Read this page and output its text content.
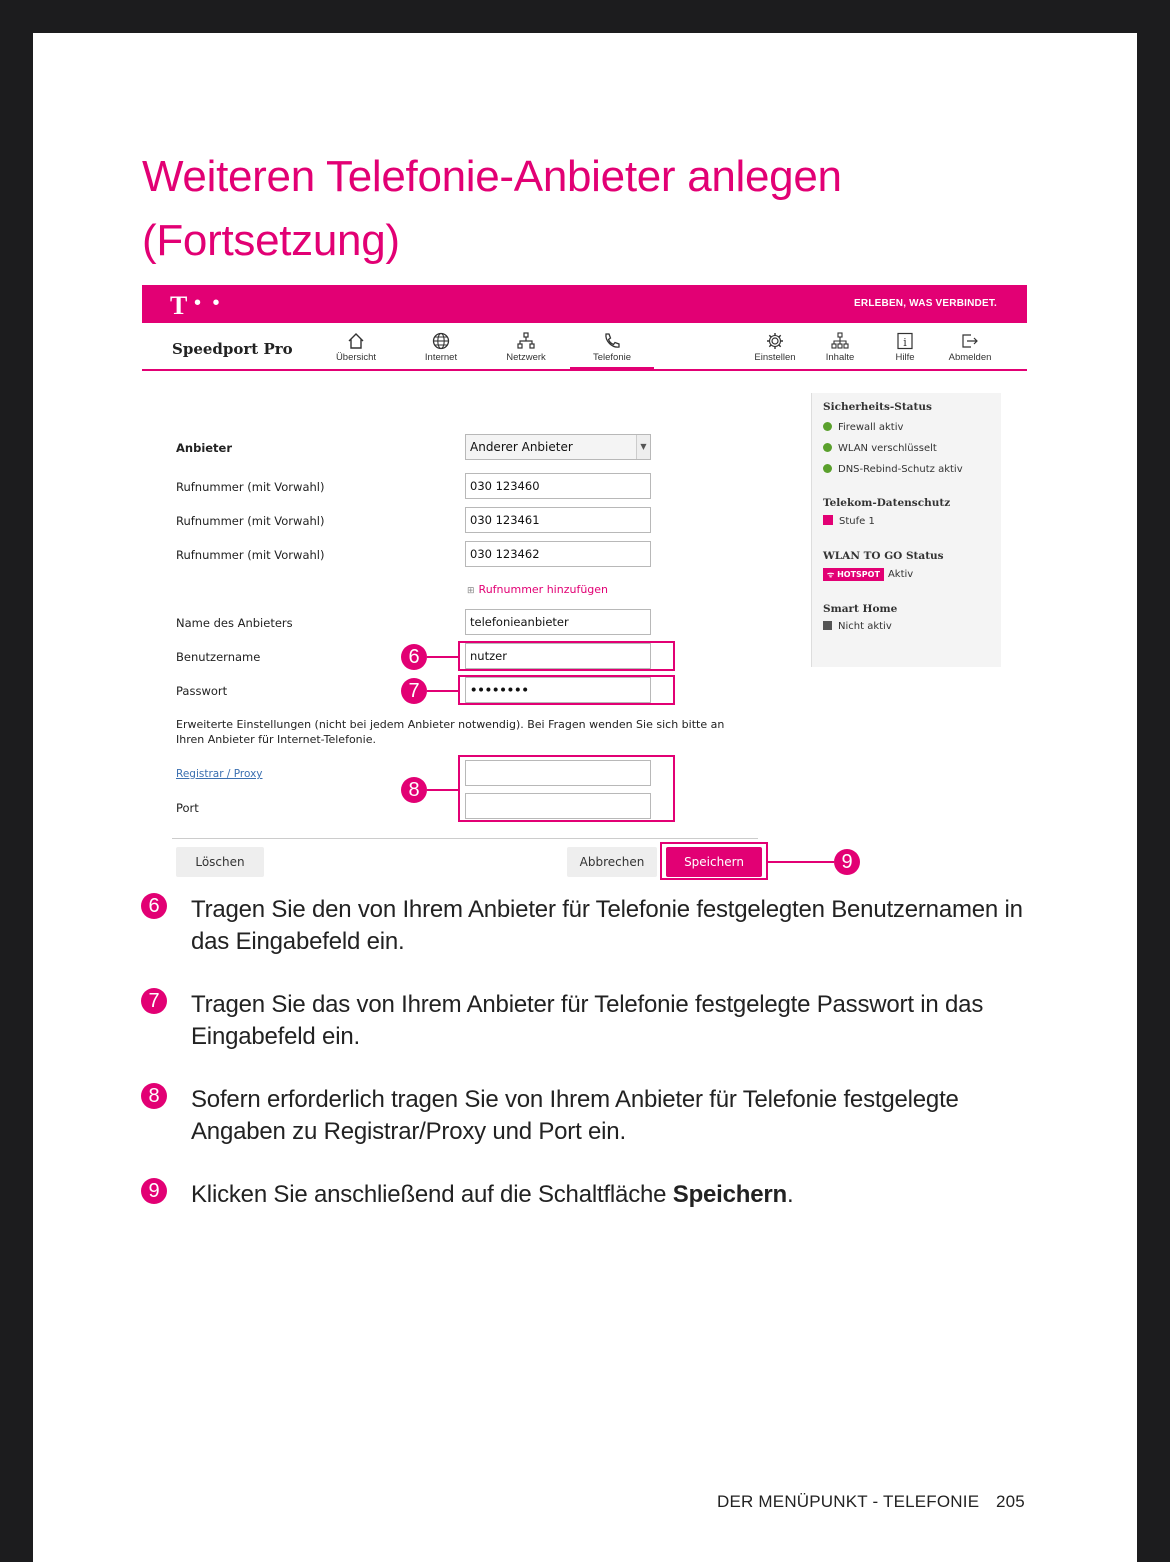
Weiteren Telefonie-Anbieter anlegen
(Fortsetzung)
T • •	ERLEBEN, WAS VERBINDET.
Speedport Pro	Übersicht	Internet	Netzwerk	Telefonie	Einstellen	Inhalte
i
Hilfe	Abmelden
Anbieter	Anderer Anbieter	▼
Rufnummer (mit Vorwahl)	030 123460
Rufnummer (mit Vorwahl)	030 123461
Rufnummer (mit Vorwahl)	030 123462
⊞ Rufnummer hinzufügen
Name des Anbieters	telefonieanbieter
Benutzername	6	nutzer
Passwort	7	••••••••
Erweiterte Einstellungen (nicht bei jedem Anbieter notwendig). Bei Fragen wenden Sie sich bitte an
Ihren Anbieter für Internet-Telefonie.
Registrar / Proxy
Port
8
Löschen	Abbrechen	Speichern	9
Sicherheits-Status
Firewall aktiv
WLAN verschlüsselt
DNS-Rebind-Schutz aktiv
Telekom-Datenschutz
Stufe 1
WLAN TO GO Status
ᯤ HOTSPOT Aktiv
Smart Home
Nicht aktiv
6	Tragen Sie den von Ihrem Anbieter für Telefonie festgelegten Benutzernamen in das Eingabefeld ein.
7	Tragen Sie das von Ihrem Anbieter für Telefonie festgelegte Passwort in das Eingabefeld ein.
8	Sofern erforderlich tragen Sie von Ihrem Anbieter für Telefonie festgelegte Angaben zu Registrar/Proxy und Port ein.
9	Klicken Sie anschließend auf die Schaltfläche Speichern.
DER MENÜPUNKT - TELEFONIE 205
